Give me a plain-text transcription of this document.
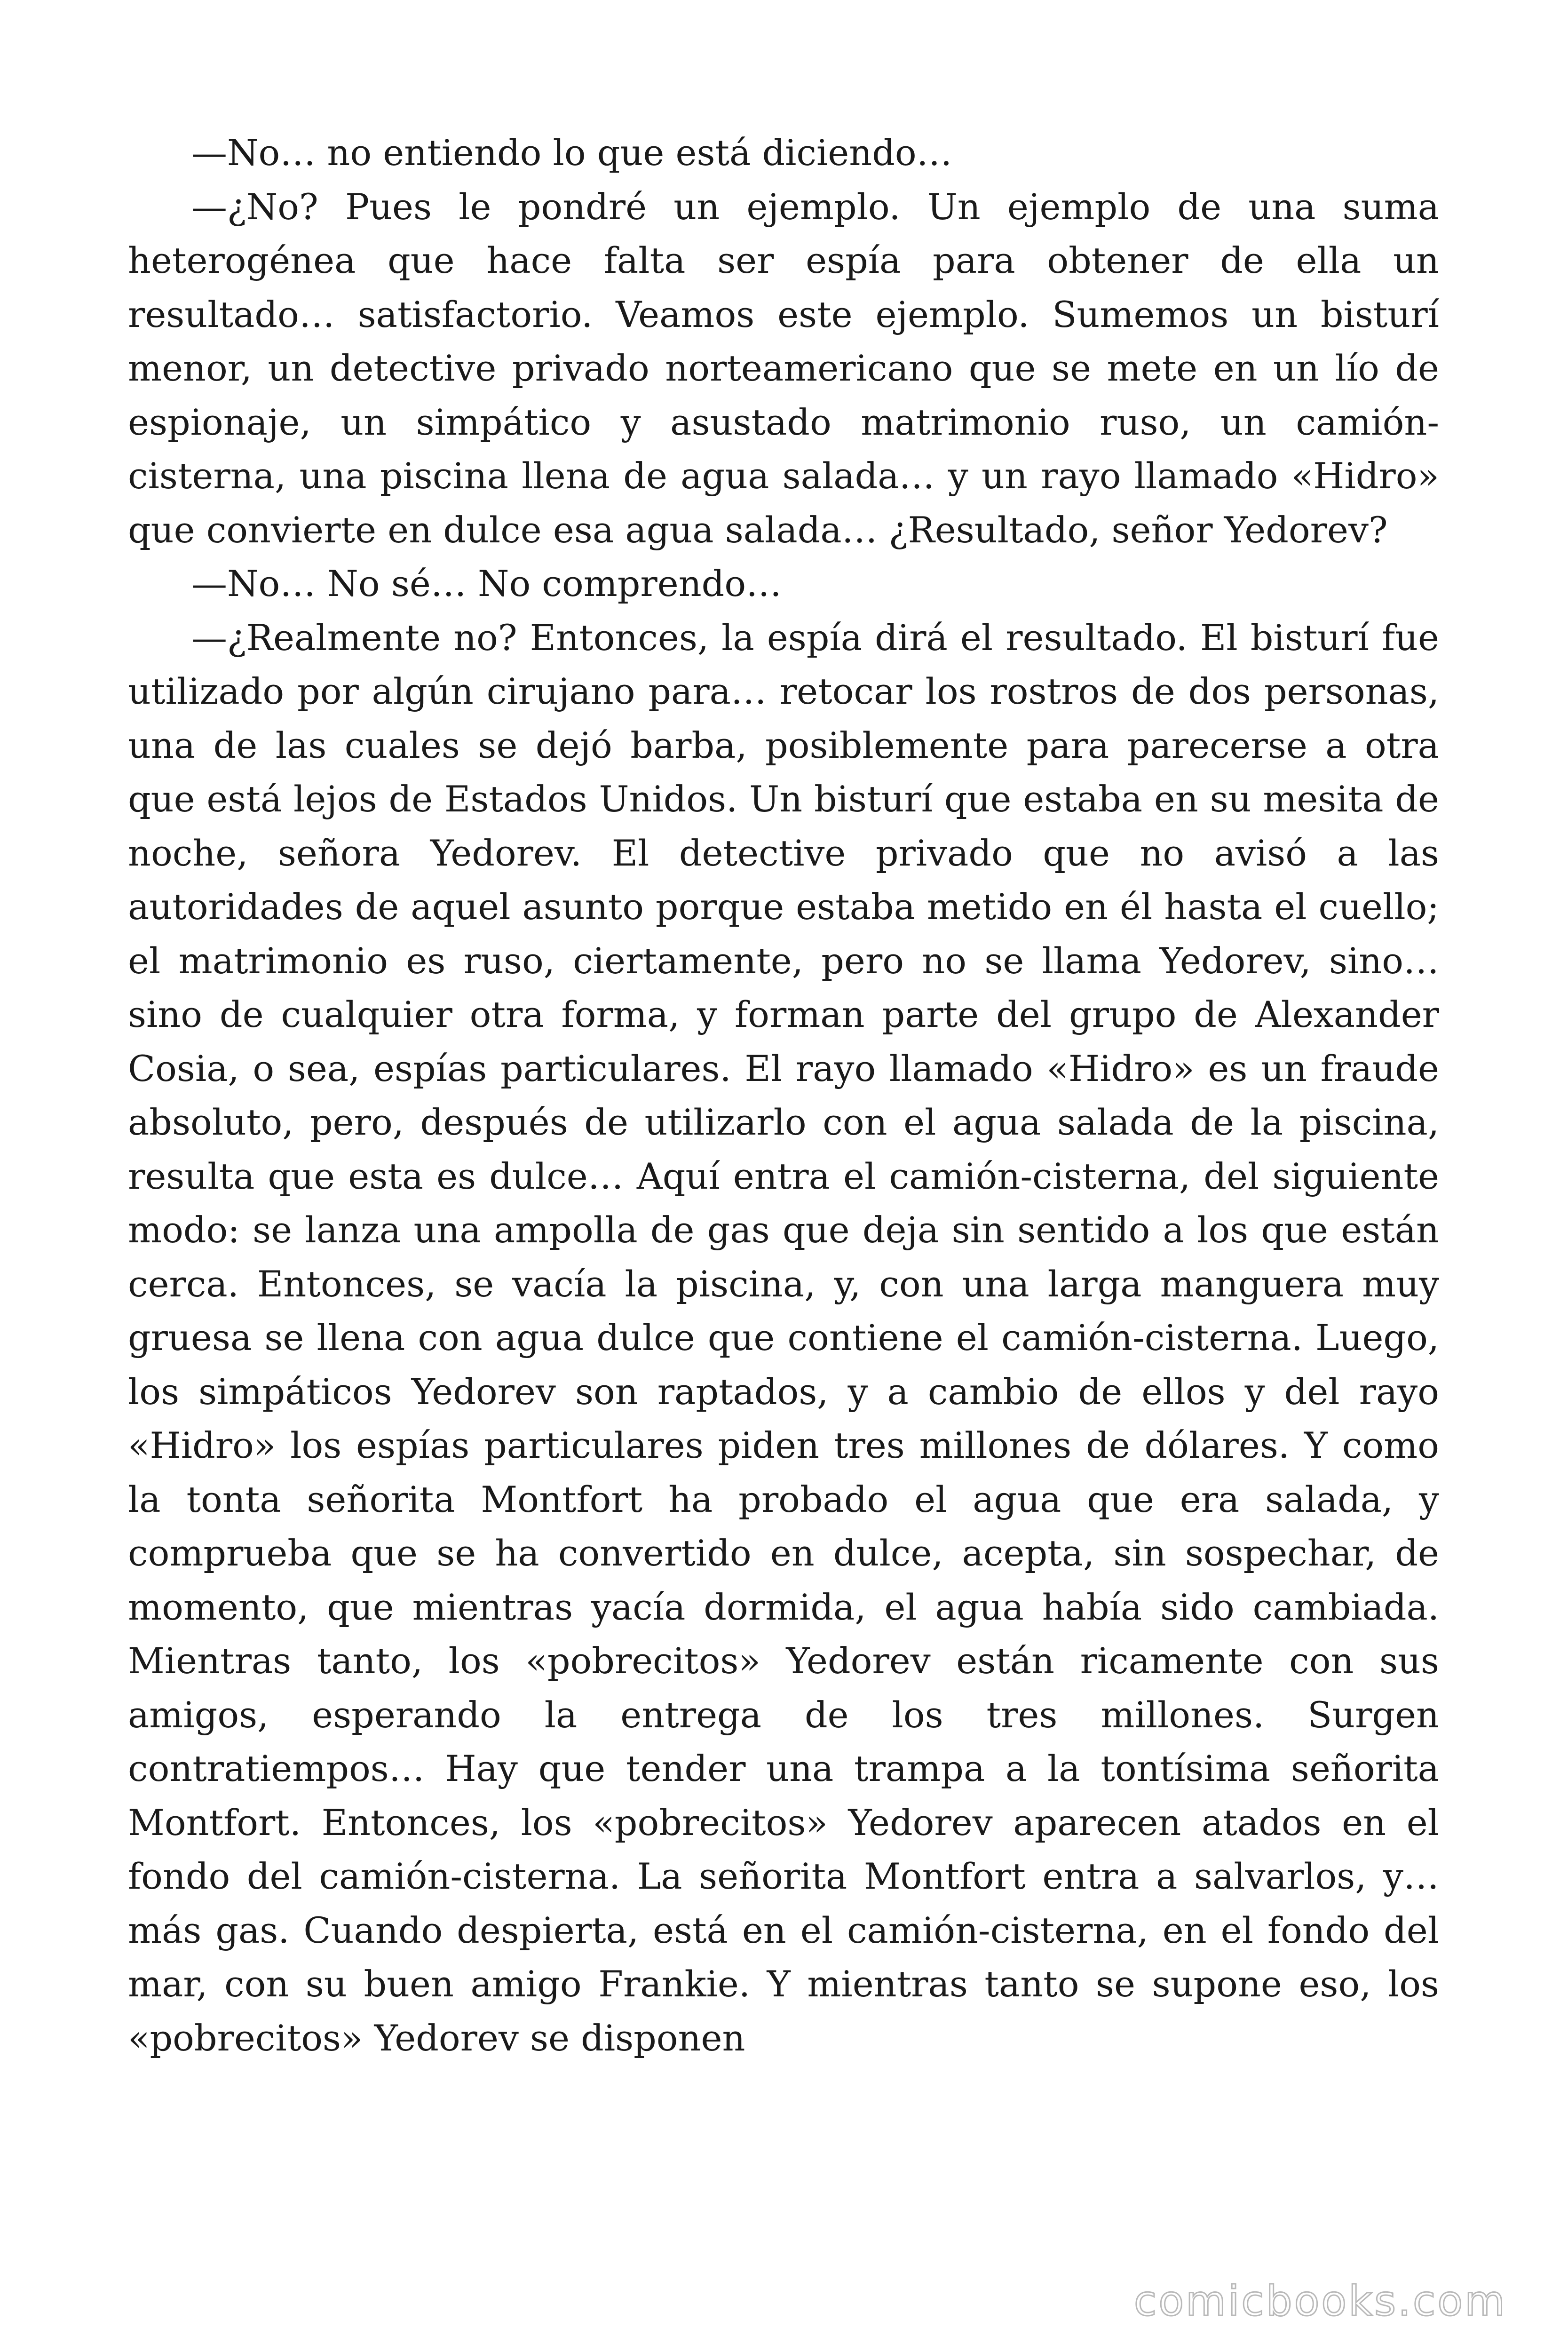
—No… no entiendo lo que está diciendo…

—¿No? Pues le pondré un ejemplo. Un ejemplo de una suma heterogénea que hace falta ser espía para obtener de ella un resultado… satisfactorio. Veamos este ejemplo. Sumemos un bisturí menor, un detective privado norteamericano que se mete en un lío de espionaje, un simpático y asustado matrimonio ruso, un camión-cisterna, una piscina llena de agua salada… y un rayo llamado «Hidro» que convierte en dulce esa agua salada… ¿Resultado, señor Yedorev?

—No… No sé… No comprendo…

—¿Realmente no? Entonces, la espía dirá el resultado. El bisturí fue utilizado por algún cirujano para… retocar los rostros de dos personas, una de las cuales se dejó barba, posiblemente para parecerse a otra que está lejos de Estados Unidos. Un bisturí que estaba en su mesita de noche, señora Yedorev. El detective privado que no avisó a las autoridades de aquel asunto porque estaba metido en él hasta el cuello; el matrimonio es ruso, ciertamente, pero no se llama Yedorev, sino… sino de cualquier otra forma, y forman parte del grupo de Alexander Cosia, o sea, espías particulares. El rayo llamado «Hidro» es un fraude absoluto, pero, después de utilizarlo con el agua salada de la piscina, resulta que esta es dulce… Aquí entra el camión-cisterna, del siguiente modo: se lanza una ampolla de gas que deja sin sentido a los que están cerca. Entonces, se vacía la piscina, y, con una larga manguera muy gruesa se llena con agua dulce que contiene el camión-cisterna. Luego, los simpáticos Yedorev son raptados, y a cambio de ellos y del rayo «Hidro» los espías particulares piden tres millones de dólares. Y como la tonta señorita Montfort ha probado el agua que era salada, y comprueba que se ha convertido en dulce, acepta, sin sospechar, de momento, que mientras yacía dormida, el agua había sido cambiada. Mientras tanto, los «pobrecitos» Yedorev están ricamente con sus amigos, esperando la entrega de los tres millones. Surgen contratiempos… Hay que tender una trampa a la tontísima señorita Montfort. Entonces, los «pobrecitos» Yedorev aparecen atados en el fondo del camión-cisterna. La señorita Montfort entra a salvarlos, y… más gas. Cuando despierta, está en el camión-cisterna, en el fondo del mar, con su buen amigo Frankie. Y mientras tanto se supone eso, los «pobrecitos» Yedorev se disponen

comicbooks.com
